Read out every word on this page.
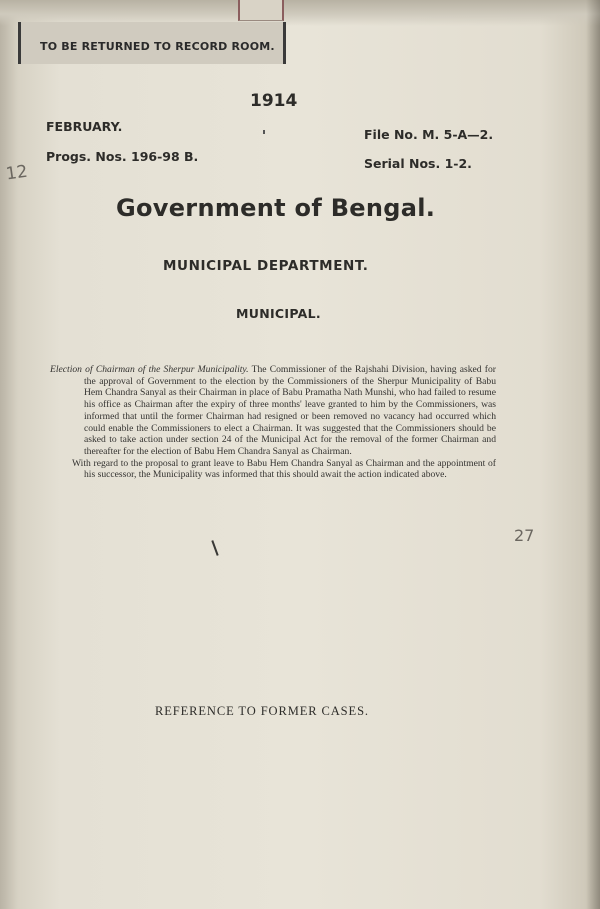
TO BE RETURNED TO RECORD ROOM.
1914
FEBRUARY.
File No. M. 5-A—2.
Progs. Nos. 196-98 B.	Serial Nos. 1-2.
12
Government of Bengal.
MUNICIPAL DEPARTMENT.
MUNICIPAL.

Election of Chairman of the Sherpur Municipality. The Commissioner of the Rajshahi Division, having asked for the approval of Government to the election by the Commissioners of the Sherpur Municipality of Babu Hem Chandra Sanyal as their Chairman in place of Babu Pramatha Nath Munshi, who had failed to resume his office as Chairman after the expiry of three months' leave granted to him by the Commissioners, was informed that until the former Chairman had resigned or been removed no vacancy had occurred which could enable the Commissioners to elect a Chairman. It was suggested that the Commissioners should be asked to take action under section 24 of the Municipal Act for the removal of the former Chairman and thereafter for the election of Babu Hem Chandra Sanyal as Chairman.

With regard to the proposal to grant leave to Babu Hem Chandra Sanyal as Chairman and the appointment of his successor, the Municipality was informed that this should await the action indicated above.

27
REFERENCE TO FORMER CASES.
